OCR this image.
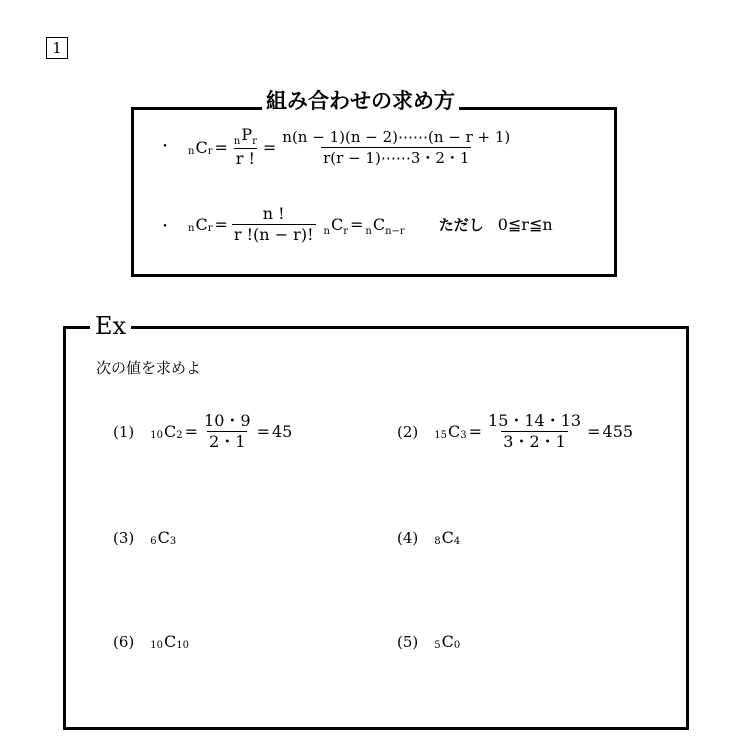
1
組み合わせの求め方
・ n C $r = \frac{_nP_r}{r !} = \frac{n(n - 1)(n - 2)\cdots\cdots(n - r + 1)}{r(r - 1)\cdots\cdots 3・2・1}$
・ n C $r = \frac{n !}{r !(n - r)!} _nC_r = _nC_{n-r}$ ただし 0≦r≦n
Ex
次の値を求めよ
(1) 10 C $2 = \frac{10・9}{2・1} = 45$	(2) 15 C $3 = \frac{15・14・13}{3・2・1} = 455$
(3) 6 C 3	(4) 8 C 4
(6) 10 C 10	(5) 5 C 0
